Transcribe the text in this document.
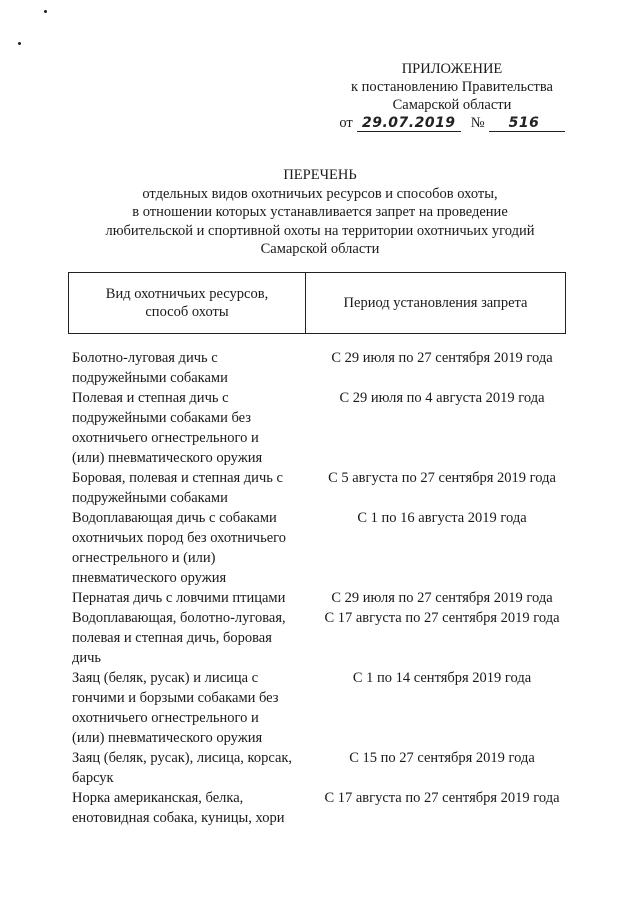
ПРИЛОЖЕНИЕ
к постановлению Правительства
Самарской области
от 29.07.2019	№	516
ПЕРЕЧЕНЬ
отдельных видов охотничьих ресурсов и способов охоты,
в отношении которых устанавливается запрет на проведение
любительской и спортивной охоты на территории охотничьих угодий
Самарской области
Вид охотничьих ресурсов,
способ охоты
Период установления запрета
Болотно-луговая дичь с
подружейными собаками
С 29 июля по 27 сентября 2019 года
Полевая и степная дичь с
подружейными собаками без
охотничьего огнестрельного и
(или) пневматического оружия
С 29 июля по 4 августа 2019 года
Боровая, полевая и степная дичь с
подружейными собаками
С 5 августа по 27 сентября 2019 года
Водоплавающая дичь с собаками
охотничьих пород без охотничьего
огнестрельного и (или)
пневматического оружия
С 1 по 16 августа 2019 года
Пернатая дичь с ловчими птицами	С 29 июля по 27 сентября 2019 года
Водоплавающая, болотно-луговая,
полевая и степная дичь, боровая
дичь
С 17 августа по 27 сентября 2019 года
Заяц (беляк, русак) и лисица с
гончими и борзыми собаками без
охотничьего огнестрельного и
(или) пневматического оружия
С 1 по 14 сентября 2019 года
Заяц (беляк, русак), лисица, корсак,
барсук
С 15 по 27 сентября 2019 года
Норка американская, белка,
енотовидная собака, куницы, хори
С 17 августа по 27 сентября 2019 года
